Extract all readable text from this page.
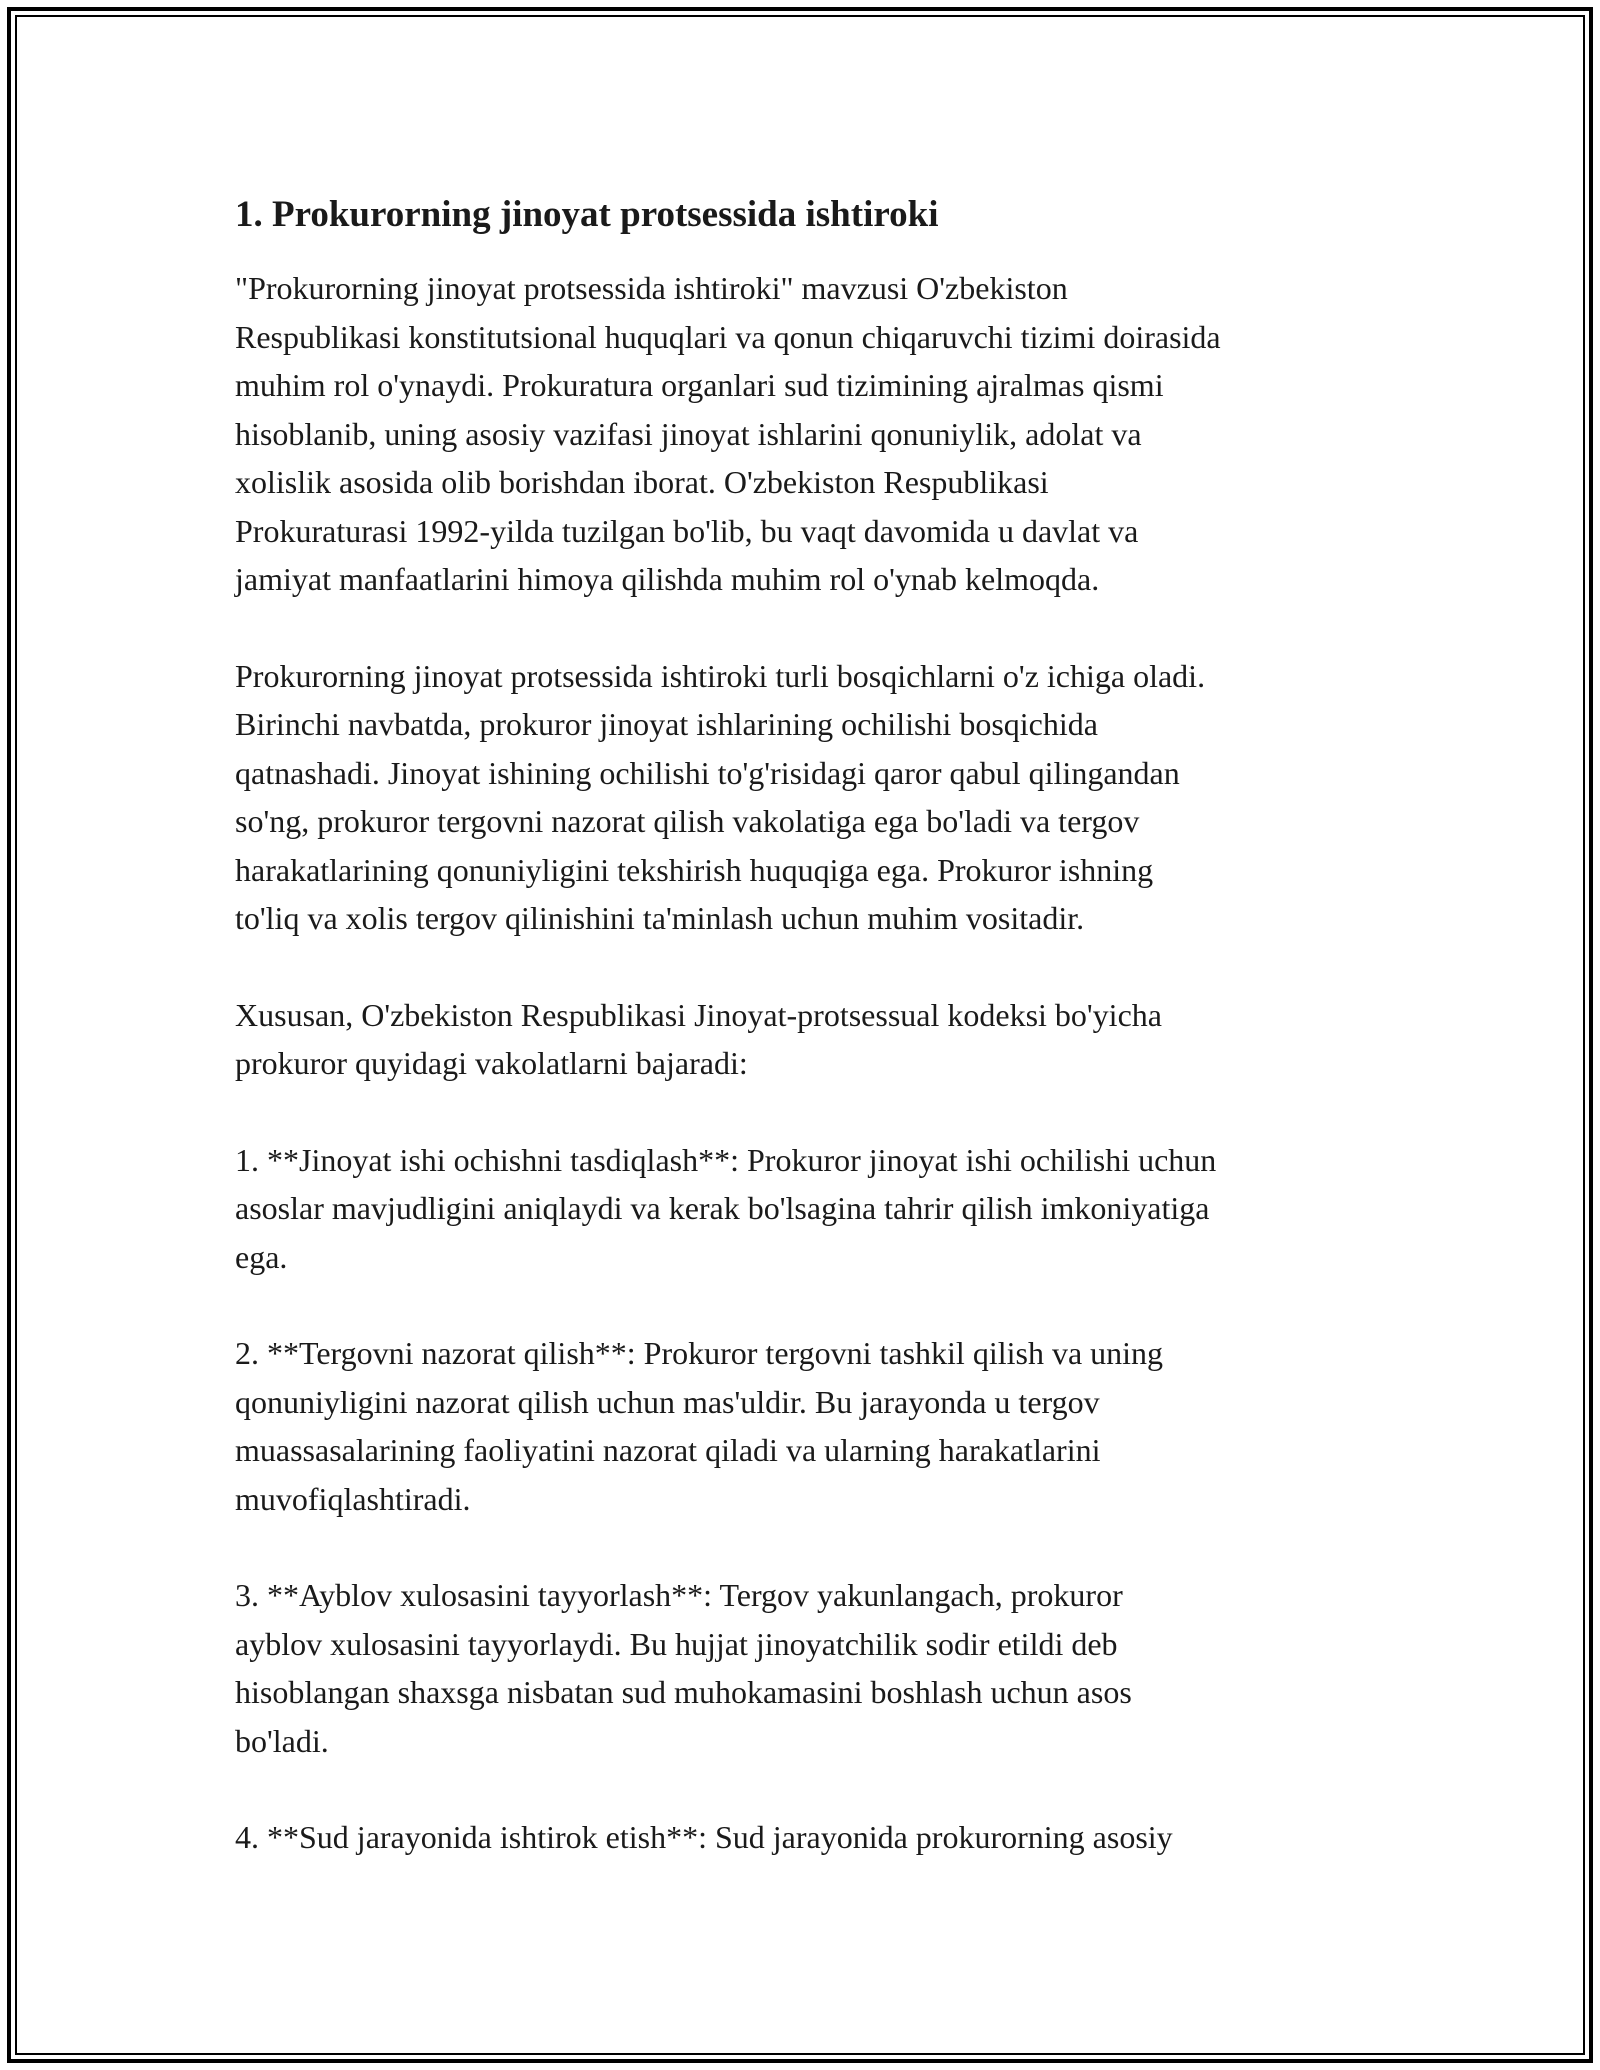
1. Prokurorning jinoyat protsessida ishtiroki

"Prokurorning jinoyat protsessida ishtiroki" mavzusi O'zbekiston
Respublikasi konstitutsional huquqlari va qonun chiqaruvchi tizimi doirasida
muhim rol o'ynaydi. Prokuratura organlari sud tizimining ajralmas qismi
hisoblanib, uning asosiy vazifasi jinoyat ishlarini qonuniylik, adolat va
xolislik asosida olib borishdan iborat. O'zbekiston Respublikasi
Prokuraturasi 1992-yilda tuzilgan bo'lib, bu vaqt davomida u davlat va
jamiyat manfaatlarini himoya qilishda muhim rol o'ynab kelmoqda.

Prokurorning jinoyat protsessida ishtiroki turli bosqichlarni o'z ichiga oladi.
Birinchi navbatda, prokuror jinoyat ishlarining ochilishi bosqichida
qatnashadi. Jinoyat ishining ochilishi to'g'risidagi qaror qabul qilingandan
so'ng, prokuror tergovni nazorat qilish vakolatiga ega bo'ladi va tergov
harakatlarining qonuniyligini tekshirish huquqiga ega. Prokuror ishning
to'liq va xolis tergov qilinishini ta'minlash uchun muhim vositadir.

Xususan, O'zbekiston Respublikasi Jinoyat-protsessual kodeksi bo'yicha
prokuror quyidagi vakolatlarni bajaradi:

1. **Jinoyat ishi ochishni tasdiqlash**: Prokuror jinoyat ishi ochilishi uchun
asoslar mavjudligini aniqlaydi va kerak bo'lsagina tahrir qilish imkoniyatiga
ega.

2. **Tergovni nazorat qilish**: Prokuror tergovni tashkil qilish va uning
qonuniyligini nazorat qilish uchun mas'uldir. Bu jarayonda u tergov
muassasalarining faoliyatini nazorat qiladi va ularning harakatlarini
muvofiqlashtiradi.

3. **Ayblov xulosasini tayyorlash**: Tergov yakunlangach, prokuror
ayblov xulosasini tayyorlaydi. Bu hujjat jinoyatchilik sodir etildi deb
hisoblangan shaxsga nisbatan sud muhokamasini boshlash uchun asos
bo'ladi.

4. **Sud jarayonida ishtirok etish**: Sud jarayonida prokurorning asosiy
